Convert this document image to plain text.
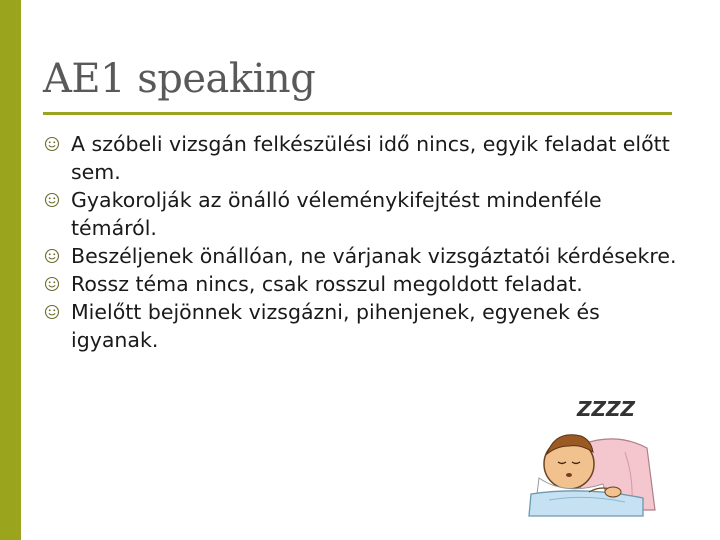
AE1 speaking
A szóbeli vizsgán felkészülési idő nincs, egyik feladat előtt sem.
Gyakorolják az önálló véleménykifejtést mindenféle témáról.
Beszéljenek önállóan, ne várjanak vizsgáztatói kérdésekre.
Rossz téma nincs, csak rosszul megoldott feladat.
Mielőtt bejönnek vizsgázni, pihenjenek, egyenek és igyanak.
ZZZZ
